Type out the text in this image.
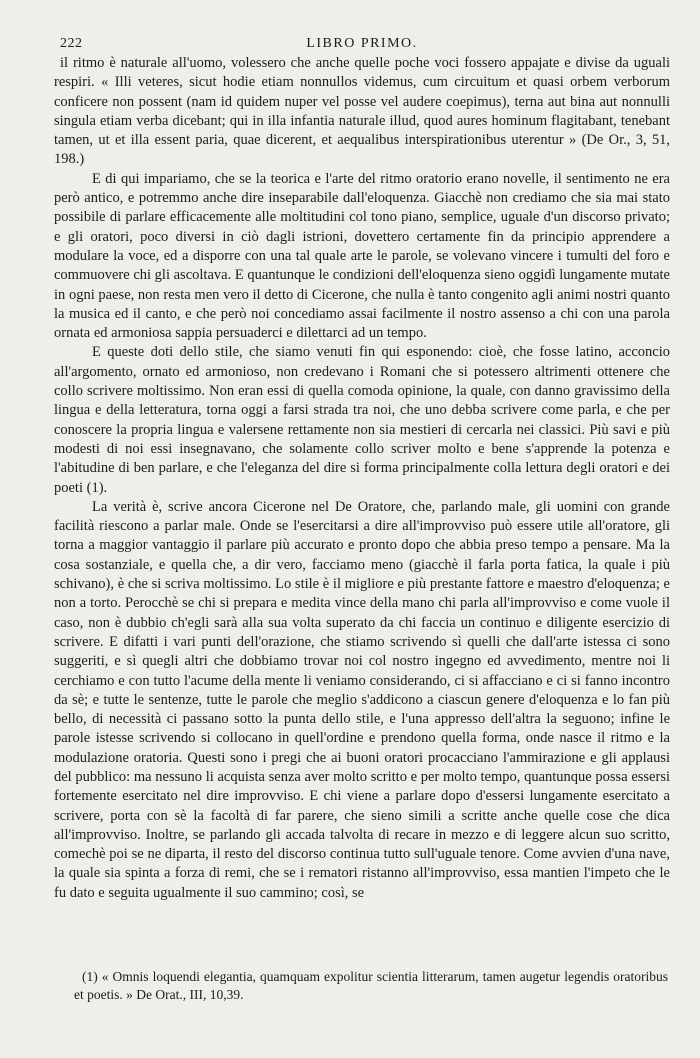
222	LIBRO PRIMO.

il ritmo è naturale all'uomo, volessero che anche quelle poche voci fossero appajate e divise da uguali respiri. « Illi veteres, sicut hodie etiam nonnullos videmus, cum circuitum et quasi orbem verborum conficere non possent (nam id quidem nuper vel posse vel audere coepimus), terna aut bina aut nonnulli singula etiam verba dicebant; qui in illa infantia naturale illud, quod aures hominum flagitabant, tenebant tamen, ut et illa essent paria, quae dicerent, et aequalibus interspirationibus uterentur » (De Or., 3, 51, 198.)

E di qui impariamo, che se la teorica e l'arte del ritmo oratorio erano novelle, il sentimento ne era però antico, e potremmo anche dire inseparabile dall'eloquenza. Giacchè non crediamo che sia mai stato possibile di parlare efficacemente alle moltitudini col tono piano, semplice, uguale d'un discorso privato; e gli oratori, poco diversi in ciò dagli istrioni, dovettero certamente fin da principio apprendere a modulare la voce, ed a disporre con una tal quale arte le parole, se volevano vincere i tumulti del foro e commuovere chi gli ascoltava. E quantunque le condizioni dell'eloquenza sieno oggidì lungamente mutate in ogni paese, non resta men vero il detto di Cicerone, che nulla è tanto congenito agli animi nostri quanto la musica ed il canto, e che però noi concediamo assai facilmente il nostro assenso a chi con una parola ornata ed armoniosa sappia persuaderci e dilettarci ad un tempo.

E queste doti dello stile, che siamo venuti fin qui esponendo: cioè, che fosse latino, acconcio all'argomento, ornato ed armonioso, non credevano i Romani che si potessero altrimenti ottenere che collo scrivere moltissimo. Non eran essi di quella comoda opinione, la quale, con danno gravissimo della lingua e della letteratura, torna oggi a farsi strada tra noi, che uno debba scrivere come parla, e che per conoscere la propria lingua e valersene rettamente non sia mestieri di cercarla nei classici. Più savi e più modesti di noi essi insegnavano, che solamente collo scriver molto e bene s'apprende la potenza e l'abitudine di ben parlare, e che l'eleganza del dire si forma principalmente colla lettura degli oratori e dei poeti (1).

La verità è, scrive ancora Cicerone nel De Oratore, che, parlando male, gli uomini con grande facilità riescono a parlar male. Onde se l'esercitarsi a dire all'improvviso può essere utile all'oratore, gli torna a maggior vantaggio il parlare più accurato e pronto dopo che abbia preso tempo a pensare. Ma la cosa sostanziale, e quella che, a dir vero, facciamo meno (giacchè il farla porta fatica, la quale i più schivano), è che si scriva moltissimo. Lo stile è il migliore e più prestante fattore e maestro d'eloquenza; e non a torto. Perocchè se chi si prepara e medita vince della mano chi parla all'improvviso e come vuole il caso, non è dubbio ch'egli sarà alla sua volta superato da chi faccia un continuo e diligente esercizio di scrivere. E difatti i vari punti dell'orazione, che stiamo scrivendo sì quelli che dall'arte istessa ci sono suggeriti, e sì quegli altri che dobbiamo trovar noi col nostro ingegno ed avvedimento, mentre noi li cerchiamo e con tutto l'acume della mente li veniamo considerando, ci si affacciano e ci si fanno incontro da sè; e tutte le sentenze, tutte le parole che meglio s'addicono a ciascun genere d'eloquenza e lo fan più bello, di necessità ci passano sotto la punta dello stile, e l'una appresso dell'altra la seguono; infine le parole istesse scrivendo si collocano in quell'ordine e prendono quella forma, onde nasce il ritmo e la modulazione oratoria. Questi sono i pregi che ai buoni oratori procacciano l'ammirazione e gli applausi del pubblico: ma nessuno li acquista senza aver molto scritto e per molto tempo, quantunque possa essersi fortemente esercitato nel dire improvviso. E chi viene a parlare dopo d'essersi lungamente esercitato a scrivere, porta con sè la facoltà di far parere, che sieno simili a scritte anche quelle cose che dica all'improvviso. Inoltre, se parlando gli accada talvolta di recare in mezzo e di leggere alcun suo scritto, comechè poi se ne diparta, il resto del discorso continua tutto sull'uguale tenore. Come avvien d'una nave, la quale sia spinta a forza di remi, che se i rematori ristanno all'improvviso, essa mantien l'impeto che le fu dato e seguita ugualmente il suo cammino; così, se

(1) « Omnis loquendi elegantia, quamquam expolitur scientia litterarum, tamen augetur legendis oratoribus et poetis. » De Orat., III, 10,39.
